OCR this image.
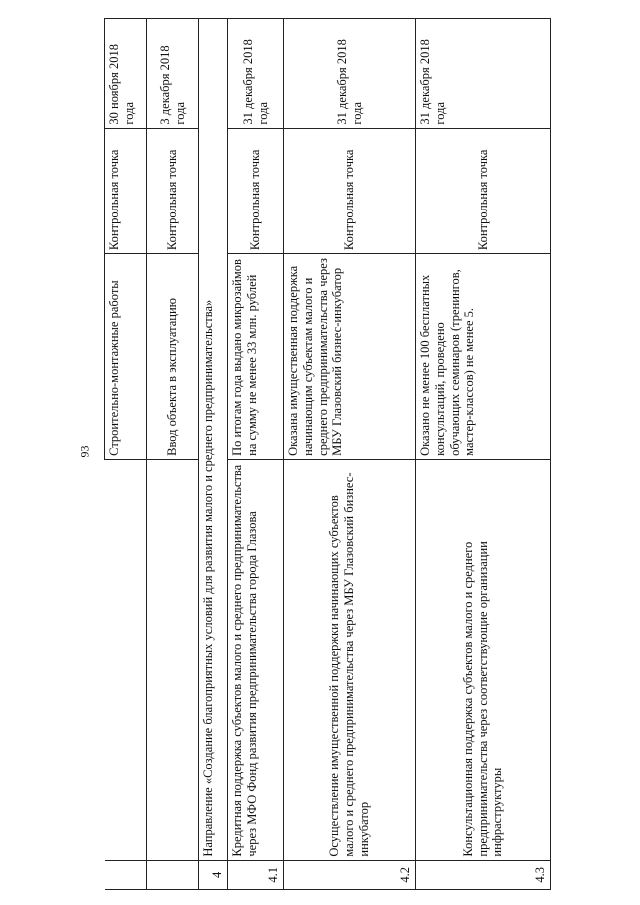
93
		Строительно-монтажные работы	Контрольная точка	30 ноября 2018 года
		Ввод объекта в эксплуатацию	Контрольная точка	3 декабря 2018 года
4	Направление «Создание благоприятных условий для развития малого и среднего предпринимательства»			
4.1	Кредитная поддержка субъектов малого и среднего предпринимательства через МФО Фонд развития предпринимательства города Глазова	По итогам года выдано микрозаймов на сумму не менее 33 млн. рублей	Контрольная точка	31 декабря 2018 года
4.2	Осуществление имущественной поддержки начинающих субъектов малого и среднего предпринимательства через МБУ Глазовский бизнес-инкубатор	Оказана имущественная поддержка начинающим субъектам малого и среднего предпринимательства через МБУ Глазовский бизнес-инкубатор	Контрольная точка	31 декабря 2018 года
4.3	Консультационная поддержка субъектов малого и среднего предпринимательства через соответствующие организации инфраструктуры	Оказано не менее 100 бесплатных консультаций, проведено обучающих семинаров (тренингов, мастер-классов) не менее 5.	Контрольная точка	31 декабря 2018 года
